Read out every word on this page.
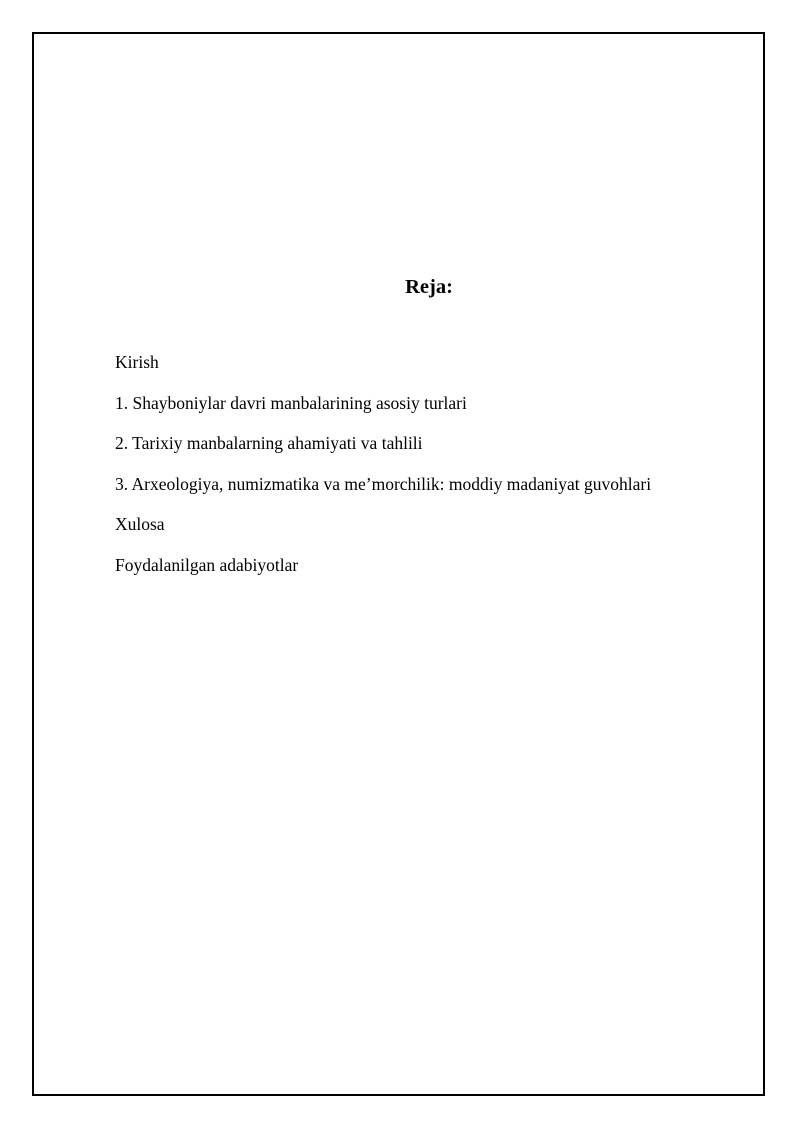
Reja:
Kirish
1. Shayboniylar davri manbalarining asosiy turlari
2. Tarixiy manbalarning ahamiyati va tahlili
3. Arxeologiya, numizmatika va me’morchilik: moddiy madaniyat guvohlari
Xulosa
Foydalanilgan adabiyotlar
